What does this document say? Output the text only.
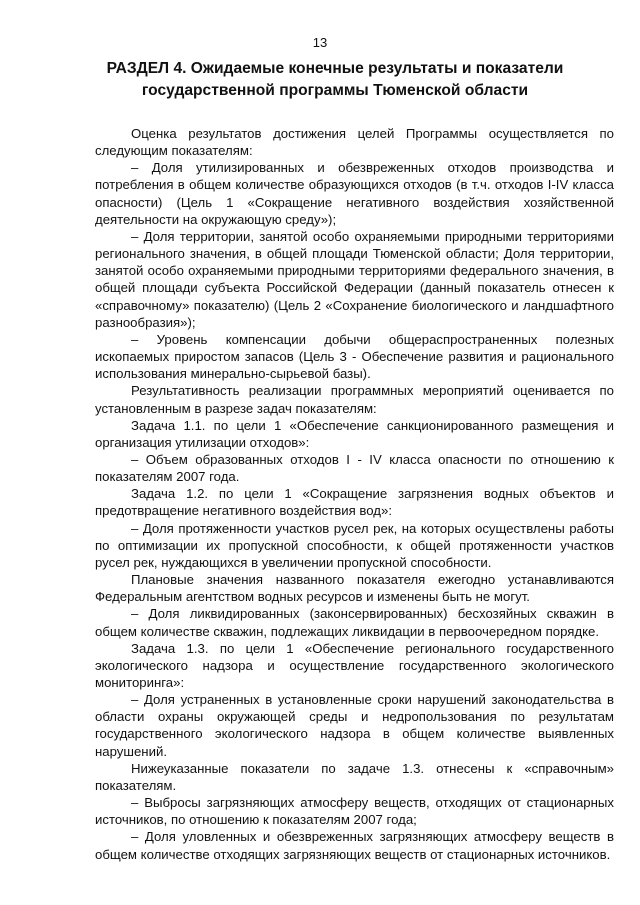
13
РАЗДЕЛ 4. Ожидаемые конечные результаты и показатели
государственной программы Тюменской области

Оценка результатов достижения целей Программы осуществляется по следующим показателям:

– Доля утилизированных и обезвреженных отходов производства и потребления в общем количестве образующихся отходов (в т.ч. отходов I-IV класса опасности) (Цель 1 «Сокращение негативного воздействия хозяйственной деятельности на окружающую среду»);

– Доля территории, занятой особо охраняемыми природными территориями регионального значения, в общей площади Тюменской области; Доля территории, занятой особо охраняемыми природными территориями федерального значения, в общей площади субъекта Российской Федерации (данный показатель отнесен к «справочному» показателю) (Цель 2 «Сохранение биологического и ландшафтного разнообразия»);

– Уровень компенсации добычи общераспространенных полезных ископаемых приростом запасов (Цель 3 - Обеспечение развития и рационального использования минерально-сырьевой базы).

Результативность реализации программных мероприятий оценивается по установленным в разрезе задач показателям:

Задача 1.1. по цели 1 «Обеспечение санкционированного размещения и организация утилизации отходов»:

– Объем образованных отходов I - IV класса опасности по отношению к показателям 2007 года.

Задача 1.2. по цели 1 «Сокращение загрязнения водных объектов и предотвращение негативного воздействия вод»:

– Доля протяженности участков русел рек, на которых осуществлены работы по оптимизации их пропускной способности, к общей протяженности участков русел рек, нуждающихся в увеличении пропускной способности.

Плановые значения названного показателя ежегодно устанавливаются Федеральным агентством водных ресурсов и изменены быть не могут.

– Доля ликвидированных (законсервированных) бесхозяйных скважин в общем количестве скважин, подлежащих ликвидации в первоочередном порядке.

Задача 1.3. по цели 1 «Обеспечение регионального государственного экологического надзора и осуществление государственного экологического мониторинга»:

– Доля устраненных в установленные сроки нарушений законодательства в области охраны окружающей среды и недропользования по результатам государственного экологического надзора в общем количестве выявленных нарушений.

Нижеуказанные показатели по задаче 1.3. отнесены к «справочным» показателям.

– Выбросы загрязняющих атмосферу веществ, отходящих от стационарных источников, по отношению к показателям 2007 года;

– Доля уловленных и обезвреженных загрязняющих атмосферу веществ в общем количестве отходящих загрязняющих веществ от стационарных источников.
